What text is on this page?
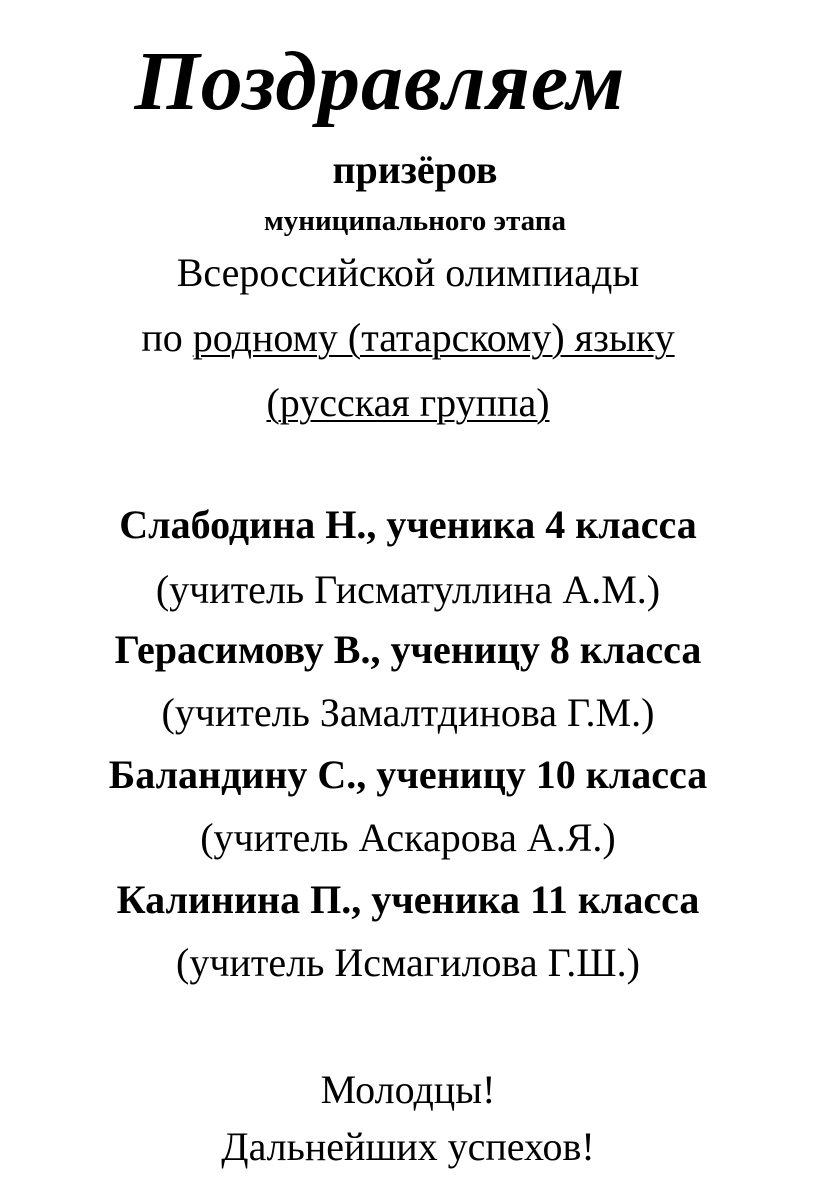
Поздравляем
призёров
муниципального этапа
Всероссийской олимпиады
по родному (татарскому) языку
(русская группа)
Слабодина Н., ученика 4 класса
(учитель Гисматуллина А.М.)
Герасимову В., ученицу 8 класса
(учитель Замалтдинова Г.М.)
Баландину С., ученицу 10 класса
(учитель Аскарова А.Я.)
Калинина П., ученика 11 класса
(учитель Исмагилова Г.Ш.)
Молодцы!
Дальнейших успехов!
